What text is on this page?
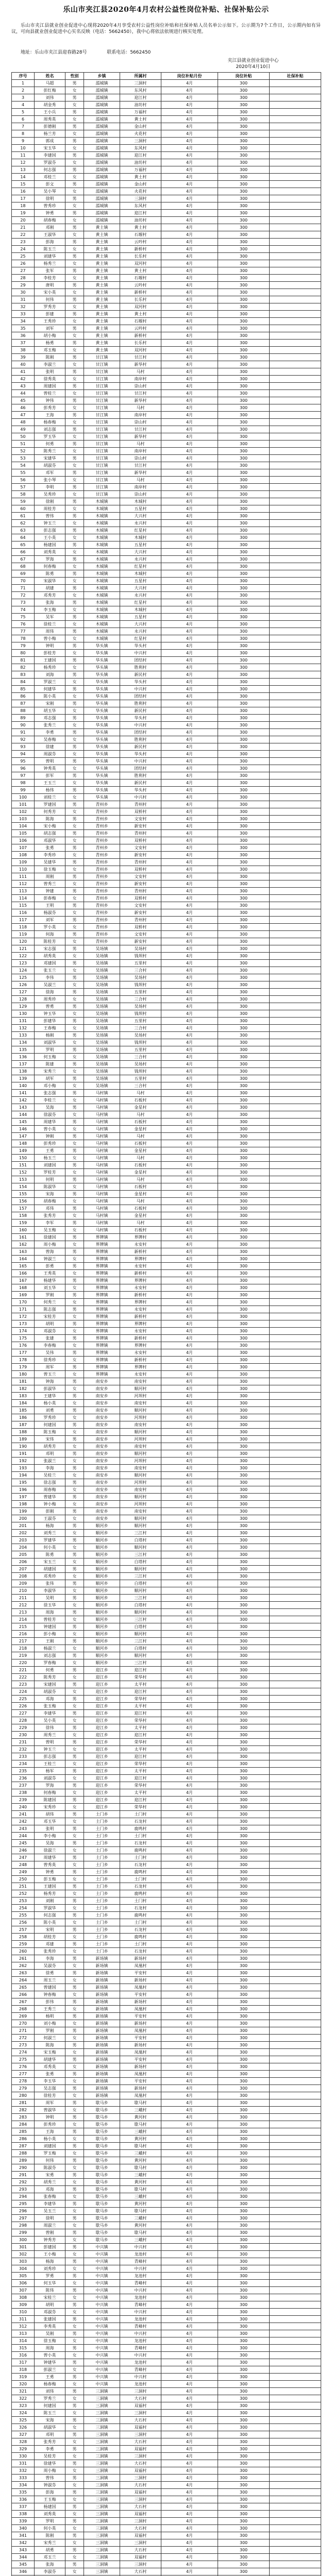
乐山市夹江县2020年4月农村公益性岗位补贴、社保补贴公示
乐山市夹江县就业创业促进中心现将2020年4月享受农村公益性岗位补贴和社保补贴人员名单公示如下。公示期为7个工作日，公示期内如有异议，可向县就业创业促进中心实名反映（电话：5662450），我中心将依法依规进行核实处理。
地址：乐山市夹江县迎春路28号	联系电话：5662450
夹江县就业创业促进中心
2020年4月10日
序号	姓名	性别	乡镇	所属村	岗位补贴月份	岗位补贴	社保补贴
1	马超	男	漹城镇	三洞村	4月	300	
2	彭红梅	女	漹城镇	东风村	4月	300	
3	刘伟	男	漹城镇	迎江村	4月	300	
4	胡金秀	女	漹城镇	油坊村	4月	300	
5	王小兵	男	漹城镇	万福村	4月	300	
6	周秀英	女	漹城镇	黄土村	4月	300	
7	彭德刚	男	漹城镇	金山村	4月	300	
8	杨兰芳	女	漹城镇	火花村	4月	300	
9	郭成	男	漹城镇	三洞村	4月	300	
10	宋玉华	女	漹城镇	东风村	4月	300	
11	李建国	男	漹城镇	迎江村	4月	300	
12	罗淑芬	女	漹城镇	油坊村	4月	300	
13	何志强	男	漹城镇	万福村	4月	300	
14	邓桂兰	女	漹城镇	黄土村	4月	300	
15	彭文	男	漹城镇	金山村	4月	300	
16	吴小琴	女	漹城镇	火花村	4月	300	
17	徐明	男	漹城镇	三洞村	4月	300	
18	曾秀珍	女	漹城镇	东风村	4月	300	
19	钟勇	男	漹城镇	迎江村	4月	300	
20	胡春梅	女	漹城镇	油坊村	4月	300	
21	邓刚	男	黄土镇	黄土村	4月	300	
22	王淑华	女	黄土镇	石堰村	4月	300	
23	彭海	男	黄土镇	云吟村	4月	300	
24	陈玉兰	女	黄土镇	新桥村	4月	300	
25	刘建华	男	黄土镇	长乐村	4月	300	
26	杨秀兰	女	黄土镇	双河村	4月	300	
27	张军	男	黄土镇	黄土村	4月	300	
28	李桂芳	女	黄土镇	石堰村	4月	300	
29	唐明	男	黄土镇	云吟村	4月	300	
30	宋小英	女	黄土镇	新桥村	4月	300	
31	何伟	男	黄土镇	长乐村	4月	300	
32	罗秀芳	女	黄土镇	双河村	4月	300	
33	彭建	男	黄土镇	黄土村	4月	300	
34	王秀珍	女	黄土镇	石堰村	4月	300	
35	刘军	男	黄土镇	云吟村	4月	300	
36	胡小梅	女	黄土镇	新桥村	4月	300	
37	杨勇	男	黄土镇	长乐村	4月	300	
38	邓玉梅	女	黄土镇	双河村	4月	300	
39	陈刚	男	甘江镇	甘江村	4月	300	
40	李淑兰	女	甘江镇	新华村	4月	300	
41	张明	男	甘江镇	马村	4月	300	
42	徐秀英	女	甘江镇	南岸村	4月	300	
43	周建国	男	甘江镇	崇山村	4月	300	
44	曾桂兰	女	甘江镇	甘江村	4月	300	
45	钟伟	男	甘江镇	新华村	4月	300	
46	彭秀芳	女	甘江镇	马村	4月	300	
47	王海	男	甘江镇	南岸村	4月	300	
48	杨春梅	女	甘江镇	崇山村	4月	300	
49	刘志强	男	甘江镇	甘江村	4月	300	
50	罗玉华	女	甘江镇	新华村	4月	300	
51	何勇	男	甘江镇	马村	4月	300	
52	陈秀兰	女	甘江镇	南岸村	4月	300	
53	宋建华	男	甘江镇	崇山村	4月	300	
54	胡淑芬	女	甘江镇	甘江村	4月	300	
55	邓军	男	甘江镇	新华村	4月	300	
56	张小琴	女	甘江镇	马村	4月	300	
57	李明	男	甘江镇	南岸村	4月	300	
58	吴秀珍	女	甘江镇	崇山村	4月	300	
59	徐刚	男	木城镇	木城村	4月	300	
60	周桂芳	女	木城镇	五星村	4月	300	
61	曾伟	男	木城镇	大兴村	4月	300	
62	钟玉兰	女	木城镇	永兴村	4月	300	
63	彭志强	男	木城镇	红星村	4月	300	
64	王小英	女	木城镇	木城村	4月	300	
65	杨建国	男	木城镇	五星村	4月	300	
66	刘秀英	女	木城镇	大兴村	4月	300	
67	罗海	男	木城镇	永兴村	4月	300	
68	何春梅	女	木城镇	红星村	4月	300	
69	陈勇	男	木城镇	木城村	4月	300	
70	宋淑华	女	木城镇	五星村	4月	300	
71	胡建	男	木城镇	大兴村	4月	300	
72	邓秀芳	女	木城镇	永兴村	4月	300	
73	张海	男	木城镇	红星村	4月	300	
74	李玉梅	女	木城镇	木城村	4月	300	
75	吴军	男	木城镇	五星村	4月	300	
76	徐桂兰	女	木城镇	大兴村	4月	300	
77	周伟	男	木城镇	永兴村	4月	300	
78	曾小梅	女	木城镇	红星村	4月	300	
79	钟明	男	华头镇	华头村	4月	300	
80	彭桂芳	女	华头镇	中兴村	4月	300	
81	王建国	男	华头镇	团结村	4月	300	
82	杨秀珍	女	华头镇	胜利村	4月	300	
83	刘海	男	华头镇	新民村	4月	300	
84	罗淑兰	女	华头镇	华头村	4月	300	
85	何建华	男	华头镇	中兴村	4月	300	
86	陈小英	女	华头镇	团结村	4月	300	
87	宋刚	男	华头镇	胜利村	4月	300	
88	胡玉华	女	华头镇	新民村	4月	300	
89	邓志强	男	华头镇	华头村	4月	300	
90	张秀兰	女	华头镇	中兴村	4月	300	
91	李勇	男	华头镇	团结村	4月	300	
92	吴春梅	女	华头镇	胜利村	4月	300	
93	徐建	男	华头镇	新民村	4月	300	
94	周淑芬	女	华头镇	华头村	4月	300	
95	曾明	男	华头镇	中兴村	4月	300	
96	钟秀英	女	华头镇	团结村	4月	300	
97	彭军	男	华头镇	胜利村	4月	300	
98	王玉兰	女	华头镇	新民村	4月	300	
99	杨伟	男	华头镇	华头村	4月	300	
100	刘桂兰	女	华头镇	中兴村	4月	300	
101	罗建国	男	青州乡	青州村	4月	300	
102	何秀芳	女	青州乡	双桥村	4月	300	
103	陈海	男	青州乡	文安村	4月	300	
104	宋小梅	女	青州乡	新安村	4月	300	
105	胡志强	男	青州乡	青州村	4月	300	
106	邓淑华	女	青州乡	双桥村	4月	300	
107	张勇	男	青州乡	文安村	4月	300	
108	李秀珍	女	青州乡	新安村	4月	300	
109	吴建华	男	青州乡	青州村	4月	300	
110	徐玉梅	女	青州乡	双桥村	4月	300	
111	周刚	男	青州乡	文安村	4月	300	
112	曾秀兰	女	青州乡	新安村	4月	300	
113	钟建	男	青州乡	青州村	4月	300	
114	彭春梅	女	青州乡	双桥村	4月	300	
115	王明	男	青州乡	文安村	4月	300	
116	杨淑芬	女	青州乡	新安村	4月	300	
117	刘军	男	青州乡	青州村	4月	300	
118	罗小英	女	青州乡	双桥村	4月	300	
119	何海	男	青州乡	文安村	4月	300	
120	陈桂芳	女	青州乡	新安村	4月	300	
121	宋志强	男	吴场镇	吴场村	4月	300	
122	胡秀英	女	吴场镇	钱坝村	4月	300	
123	邓建国	男	吴场镇	五里村	4月	300	
124	张玉兰	女	吴场镇	三合村	4月	300	
125	李伟	男	吴场镇	吴场村	4月	300	
126	吴淑兰	女	吴场镇	钱坝村	4月	300	
127	徐海	男	吴场镇	五里村	4月	300	
128	周秀珍	女	吴场镇	三合村	4月	300	
129	曾勇	男	吴场镇	吴场村	4月	300	
130	钟玉华	女	吴场镇	钱坝村	4月	300	
131	彭建华	男	吴场镇	五里村	4月	300	
132	王春梅	女	吴场镇	三合村	4月	300	
133	杨刚	男	吴场镇	吴场村	4月	300	
134	刘淑华	女	吴场镇	钱坝村	4月	300	
135	罗明	男	吴场镇	五里村	4月	300	
136	何玉梅	女	吴场镇	三合村	4月	300	
137	陈建	男	吴场镇	吴场村	4月	300	
138	宋秀兰	女	吴场镇	钱坝村	4月	300	
139	胡军	男	吴场镇	五里村	4月	300	
140	邓小梅	女	吴场镇	三合村	4月	300	
141	张志强	男	马村镇	马村	4月	300	
142	李桂兰	女	马村镇	石板村	4月	300	
143	吴海	男	马村镇	金星村	4月	300	
144	徐淑芬	女	马村镇	马村	4月	300	
145	周建华	男	马村镇	石板村	4月	300	
146	曾小英	女	马村镇	金星村	4月	300	
147	钟刚	男	马村镇	马村	4月	300	
148	彭秀珍	女	马村镇	石板村	4月	300	
149	王勇	男	马村镇	金星村	4月	300	
150	杨玉兰	女	马村镇	马村	4月	300	
151	刘建国	男	马村镇	石板村	4月	300	
152	罗桂芳	女	马村镇	金星村	4月	300	
153	何明	男	马村镇	马村	4月	300	
154	陈淑华	女	马村镇	石板村	4月	300	
155	宋海	男	马村镇	金星村	4月	300	
156	胡春梅	女	马村镇	马村	4月	300	
157	邓伟	男	马村镇	石板村	4月	300	
158	张秀芳	女	马村镇	金星村	4月	300	
159	李军	男	马村镇	马村	4月	300	
160	吴玉梅	女	马村镇	石板村	4月	300	
161	徐建国	男	界牌镇	界牌村	4月	300	
162	周小梅	女	界牌镇	永安村	4月	300	
163	曾海	男	界牌镇	新桥村	4月	300	
164	钟淑兰	女	界牌镇	界牌村	4月	300	
165	彭勇	男	界牌镇	永安村	4月	300	
166	王秀英	女	界牌镇	新桥村	4月	300	
167	杨建华	男	界牌镇	界牌村	4月	300	
168	刘玉华	女	界牌镇	永安村	4月	300	
169	罗刚	男	界牌镇	新桥村	4月	300	
170	何秀兰	女	界牌镇	界牌村	4月	300	
171	陈志强	男	界牌镇	永安村	4月	300	
172	宋桂芳	女	界牌镇	新桥村	4月	300	
173	胡明	男	界牌镇	界牌村	4月	300	
174	邓淑芬	女	界牌镇	永安村	4月	300	
175	张建	男	界牌镇	新桥村	4月	300	
176	李春梅	女	界牌镇	界牌村	4月	300	
177	吴伟	男	界牌镇	永安村	4月	300	
178	徐秀珍	女	界牌镇	新桥村	4月	300	
179	周军	男	界牌镇	界牌村	4月	300	
180	曾玉兰	女	界牌镇	永安村	4月	300	
181	钟海	男	南安乡	南安村	4月	300	
182	彭淑华	女	南安乡	顺河村	4月	300	
183	王建华	男	南安乡	河坝村	4月	300	
184	杨小英	女	南安乡	南安村	4月	300	
185	刘勇	男	南安乡	顺河村	4月	300	
186	罗秀珍	女	南安乡	河坝村	4月	300	
187	何建国	男	南安乡	南安村	4月	300	
188	陈玉梅	女	南安乡	顺河村	4月	300	
189	宋伟	男	南安乡	河坝村	4月	300	
190	胡秀芳	女	南安乡	南安村	4月	300	
191	邓明	男	南安乡	顺河村	4月	300	
192	张淑兰	女	南安乡	河坝村	4月	300	
193	李海	男	南安乡	南安村	4月	300	
194	吴桂兰	女	南安乡	顺河村	4月	300	
195	徐志强	男	南安乡	河坝村	4月	300	
196	周春梅	女	南安乡	南安村	4月	300	
197	曾建华	男	南安乡	顺河村	4月	300	
198	钟小梅	女	南安乡	河坝村	4月	300	
199	彭刚	男	南安乡	南安村	4月	300	
200	王淑芬	女	南安乡	顺河村	4月	300	
201	杨海	男	顺河乡	顺河村	4月	300	
202	刘秀兰	女	顺河乡	三江村	4月	300	
203	罗建华	男	顺河乡	白塔村	4月	300	
204	何小英	女	顺河乡	顺河村	4月	300	
205	陈勇	男	顺河乡	三江村	4月	300	
206	宋玉兰	女	顺河乡	白塔村	4月	300	
207	胡建国	男	顺河乡	顺河村	4月	300	
208	邓秀珍	女	顺河乡	三江村	4月	300	
209	张伟	男	顺河乡	白塔村	4月	300	
210	李淑华	女	顺河乡	顺河村	4月	300	
211	吴明	男	顺河乡	三江村	4月	300	
212	徐玉华	女	顺河乡	白塔村	4月	300	
213	周海	男	顺河乡	顺河村	4月	300	
214	曾桂芳	女	顺河乡	三江村	4月	300	
215	钟建国	男	顺河乡	白塔村	4月	300	
216	彭小梅	女	顺河乡	顺河村	4月	300	
217	王刚	男	顺河乡	三江村	4月	300	
218	杨淑兰	女	顺河乡	白塔村	4月	300	
219	刘志强	男	顺河乡	顺河村	4月	300	
220	罗春梅	女	顺河乡	三江村	4月	300	
221	何勇	男	迎江乡	迎江村	4月	300	
222	陈秀芳	女	迎江乡	荣华村	4月	300	
223	宋建国	男	迎江乡	太平村	4月	300	
224	胡淑芬	女	迎江乡	迎江村	4月	300	
225	邓海	男	迎江乡	荣华村	4月	300	
226	张玉梅	女	迎江乡	太平村	4月	300	
227	李建华	男	迎江乡	迎江村	4月	300	
228	吴小英	女	迎江乡	荣华村	4月	300	
229	徐伟	男	迎江乡	太平村	4月	300	
230	周秀兰	女	迎江乡	迎江村	4月	300	
231	曾明	男	迎江乡	荣华村	4月	300	
232	钟玉兰	女	迎江乡	太平村	4月	300	
233	彭志强	男	迎江乡	迎江村	4月	300	
234	王桂兰	女	迎江乡	荣华村	4月	300	
235	杨军	男	迎江乡	太平村	4月	300	
236	刘淑芬	女	迎江乡	迎江村	4月	300	
237	罗海	男	迎江乡	荣华村	4月	300	
238	何春梅	女	迎江乡	太平村	4月	300	
239	陈建国	男	迎江乡	迎江村	4月	300	
240	宋秀珍	女	迎江乡	荣华村	4月	300	
241	胡伟	男	土门乡	土门村	4月	300	
242	邓玉华	女	土门乡	石龙村	4月	300	
243	张明	男	土门乡	鹿鸣村	4月	300	
244	李小梅	女	土门乡	土门村	4月	300	
245	吴海	男	土门乡	石龙村	4月	300	
246	徐淑兰	女	土门乡	鹿鸣村	4月	300	
247	周建华	男	土门乡	土门村	4月	300	
248	曾秀英	女	土门乡	石龙村	4月	300	
249	钟勇	男	土门乡	鹿鸣村	4月	300	
250	彭玉梅	女	土门乡	土门村	4月	300	
251	王建国	男	土门乡	石龙村	4月	300	
252	杨秀芳	女	土门乡	鹿鸣村	4月	300	
253	刘刚	男	土门乡	土门村	4月	300	
254	罗淑华	女	土门乡	石龙村	4月	300	
255	何志强	男	土门乡	鹿鸣村	4月	300	
256	陈小英	女	土门乡	土门村	4月	300	
257	宋明	男	土门乡	石龙村	4月	300	
258	胡桂芳	女	土门乡	鹿鸣村	4月	300	
259	邓建	男	土门乡	土门村	4月	300	
260	张秀珍	女	土门乡	石龙村	4月	300	
261	李海	男	新场镇	新场村	4月	300	
262	吴淑芬	女	新场镇	凤凰村	4月	300	
263	徐勇	男	新场镇	平安村	4月	300	
264	周玉兰	女	新场镇	新场村	4月	300	
265	曾建国	男	新场镇	凤凰村	4月	300	
266	钟春梅	女	新场镇	平安村	4月	300	
267	彭伟	男	新场镇	新场村	4月	300	
268	王秀兰	女	新场镇	凤凰村	4月	300	
269	杨明	男	新场镇	平安村	4月	300	
270	刘小梅	女	新场镇	新场村	4月	300	
271	罗刚	男	新场镇	凤凰村	4月	300	
272	何淑兰	女	新场镇	平安村	4月	300	
273	陈海	男	新场镇	新场村	4月	300	
274	宋玉梅	女	新场镇	凤凰村	4月	300	
275	胡建华	男	新场镇	平安村	4月	300	
276	邓秀英	女	新场镇	新场村	4月	300	
277	张勇	男	新场镇	凤凰村	4月	300	
278	李玉华	女	新场镇	平安村	4月	300	
279	吴志强	男	新场镇	新场村	4月	300	
280	徐桂芳	女	新场镇	凤凰村	4月	300	
281	周军	男	歇马乡	歇马村	4月	300	
282	曾淑华	女	歇马乡	三峨村	4月	300	
283	钟明	男	歇马乡	黄河村	4月	300	
284	彭秀珍	女	歇马乡	歇马村	4月	300	
285	王海	男	歇马乡	三峨村	4月	300	
286	杨小英	女	歇马乡	黄河村	4月	300	
287	刘建国	男	歇马乡	歇马村	4月	300	
288	罗玉梅	女	歇马乡	三峨村	4月	300	
289	何伟	男	歇马乡	黄河村	4月	300	
290	陈淑芬	女	歇马乡	歇马村	4月	300	
291	宋勇	男	歇马乡	三峨村	4月	300	
292	胡秀兰	女	歇马乡	黄河村	4月	300	
293	邓海	男	歇马乡	歇马村	4月	300	
294	张春梅	女	歇马乡	三峨村	4月	300	
295	李建华	男	歇马乡	黄河村	4月	300	
296	吴玉兰	女	歇马乡	歇马村	4月	300	
297	徐明	男	歇马乡	三峨村	4月	300	
298	周淑兰	女	歇马乡	黄河村	4月	300	
299	曾刚	男	歇马乡	歇马村	4月	300	
300	钟秀芳	女	歇马乡	三峨村	4月	300	
301	彭建国	男	中兴镇	中兴村	4月	300	
302	王小梅	女	中兴镇	龙池村	4月	300	
303	杨海	男	中兴镇	青峰村	4月	300	
304	刘秀珍	女	中兴镇	中兴村	4月	300	
305	罗勇	男	中兴镇	龙池村	4月	300	
306	何玉华	女	中兴镇	青峰村	4月	300	
307	陈伟	男	中兴镇	中兴村	4月	300	
308	宋桂兰	女	中兴镇	龙池村	4月	300	
309	胡明	男	中兴镇	青峰村	4月	300	
310	邓淑芬	女	中兴镇	中兴村	4月	300	
311	张建国	男	中兴镇	龙池村	4月	300	
312	李秀英	女	中兴镇	青峰村	4月	300	
313	吴刚	男	中兴镇	中兴村	4月	300	
314	徐玉梅	女	中兴镇	龙池村	4月	300	
315	周海	男	中兴镇	青峰村	4月	300	
316	曾小英	女	中兴镇	中兴村	4月	300	
317	钟建华	男	中兴镇	龙池村	4月	300	
318	彭淑兰	女	中兴镇	青峰村	4月	300	
319	王勇	男	中兴镇	中兴村	4月	300	
320	杨春梅	女	中兴镇	龙池村	4月	300	
321	刘伟	男	三洞镇	三洞村	4月	300	
322	罗秀兰	女	三洞镇	大石村	4月	300	
323	何建国	男	三洞镇	双福村	4月	300	
324	陈玉兰	女	三洞镇	三洞村	4月	300	
325	宋海	男	三洞镇	大石村	4月	300	
326	胡淑华	女	三洞镇	双福村	4月	300	
327	邓明	男	三洞镇	三洞村	4月	300	
328	张秀芳	女	三洞镇	大石村	4月	300	
329	李勇	男	三洞镇	双福村	4月	300	
330	吴桂芳	女	三洞镇	三洞村	4月	300	
331	徐建华	男	三洞镇	大石村	4月	300	
332	周小梅	女	三洞镇	双福村	4月	300	
333	曾伟	男	三洞镇	三洞村	4月	300	
334	钟淑芬	女	三洞镇	大石村	4月	300	
335	彭海	男	三洞镇	双福村	4月	300	
336	王玉梅	女	三洞镇	三洞村	4月	300	
337	杨建国	男	三洞镇	大石村	4月	300	
338	刘秀英	女	三洞镇	双福村	4月	300	
339	罗明	男	三洞镇	三洞村	4月	300	
340	何小英	女	三洞镇	大石村	4月	300	
341	陈刚	男	三洞镇	双福村	4月	300	
342	宋秀兰	女	三洞镇	三洞村	4月	300	
343	胡勇	男	三洞镇	大石村	4月	300	
344	邓玉兰	女	三洞镇	双福村	4月	300	
345	张海	男	三洞镇	三洞村	4月	300	
346	李淑芬	女	三洞镇	大石村	4月	300	
